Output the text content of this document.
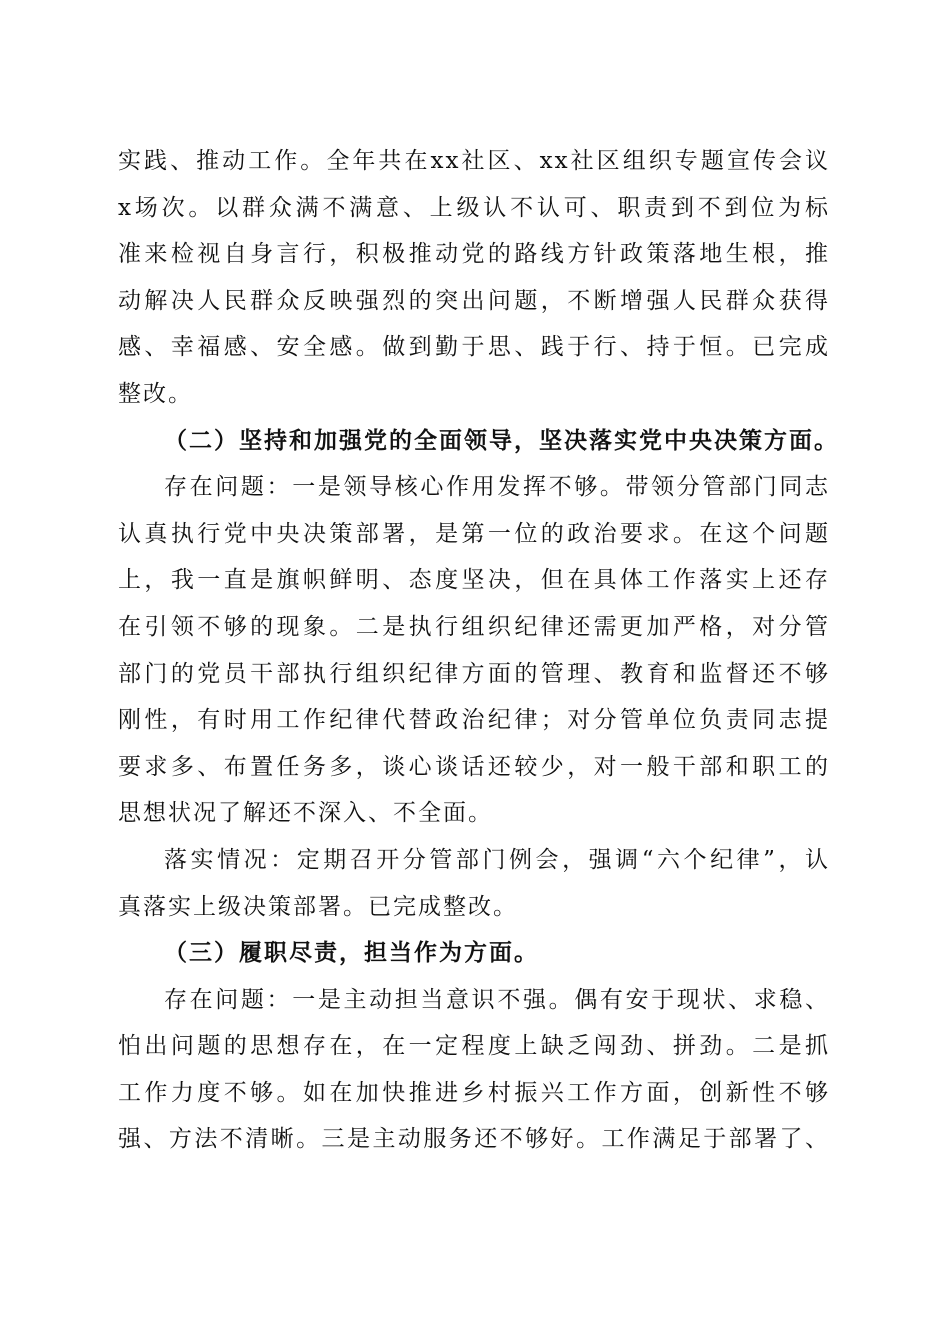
实践、推动工作。全年共在xx社区、xx社区组织专题宣传会议
x场次。以群众满不满意、上级认不认可、职责到不到位为标
准来检视自身言行，积极推动党的路线方针政策落地生根，推
动解决人民群众反映强烈的突出问题，不断增强人民群众获得
感、幸福感、安全感。做到勤于思、践于行、持于恒。已完成
整改。
（二）坚持和加强党的全面领导，坚决落实党中央决策方面。
存在问题：一是领导核心作用发挥不够。带领分管部门同志
认真执行党中央决策部署，是第一位的政治要求。在这个问题
上，我一直是旗帜鲜明、态度坚决，但在具体工作落实上还存
在引领不够的现象。二是执行组织纪律还需更加严格，对分管
部门的党员干部执行组织纪律方面的管理、教育和监督还不够
刚性，有时用工作纪律代替政治纪律；对分管单位负责同志提
要求多、布置任务多，谈心谈话还较少，对一般干部和职工的
思想状况了解还不深入、不全面。
落实情况：定期召开分管部门例会，强调“六个纪律”，认
真落实上级决策部署。已完成整改。
（三）履职尽责，担当作为方面。
存在问题：一是主动担当意识不强。偶有安于现状、求稳、
怕出问题的思想存在，在一定程度上缺乏闯劲、拼劲。二是抓
工作力度不够。如在加快推进乡村振兴工作方面，创新性不够
强、方法不清晰。三是主动服务还不够好。工作满足于部署了、
